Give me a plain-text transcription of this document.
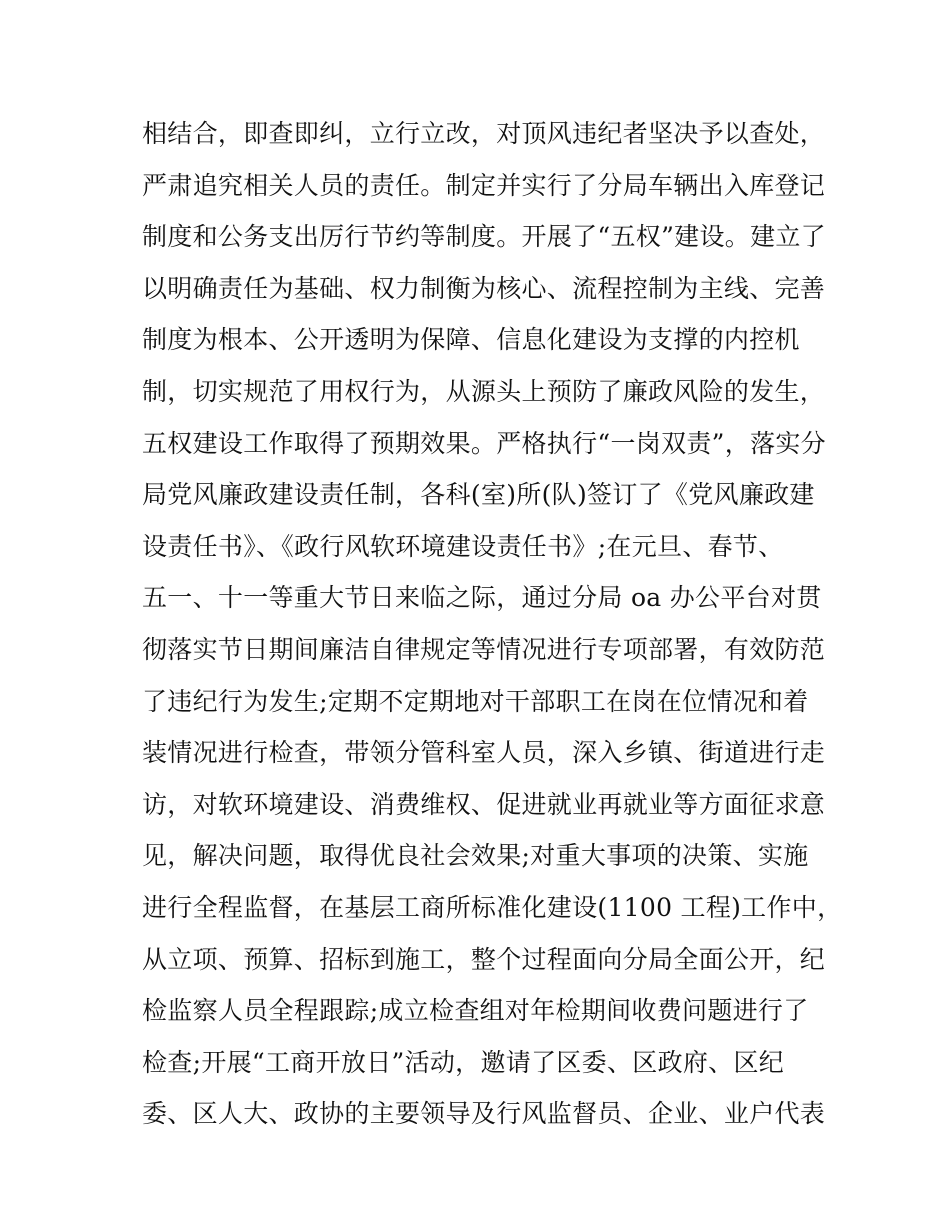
相结合，即查即纠，立行立改，对顶风违纪者坚决予以查处，
严肃追究相关人员的责任。制定并实行了分局车辆出入库登记
制度和公务支出厉行节约等制度。开展了“五权”建设。建立了
以明确责任为基础、权力制衡为核心、流程控制为主线、完善
制度为根本、公开透明为保障、信息化建设为支撑的内控机
制，切实规范了用权行为，从源头上预防了廉政风险的发生，
五权建设工作取得了预期效果。严格执行“一岗双责”，落实分
局党风廉政建设责任制，各科(室)所(队)签订了《党风廉政建
设责任书》、《政行风软环境建设责任书》;在元旦、春节、
五一、十一等重大节日来临之际，通过分局 oa 办公平台对贯
彻落实节日期间廉洁自律规定等情况进行专项部署，有效防范
了违纪行为发生;定期不定期地对干部职工在岗在位情况和着
装情况进行检查，带领分管科室人员，深入乡镇、街道进行走
访，对软环境建设、消费维权、促进就业再就业等方面征求意
见，解决问题，取得优良社会效果;对重大事项的决策、实施
进行全程监督，在基层工商所标准化建设(1100 工程)工作中，
从立项、预算、招标到施工，整个过程面向分局全面公开，纪
检监察人员全程跟踪;成立检查组对年检期间收费问题进行了
检查;开展“工商开放日”活动，邀请了区委、区政府、区纪
委、区人大、政协的主要领导及行风监督员、企业、业户代表
